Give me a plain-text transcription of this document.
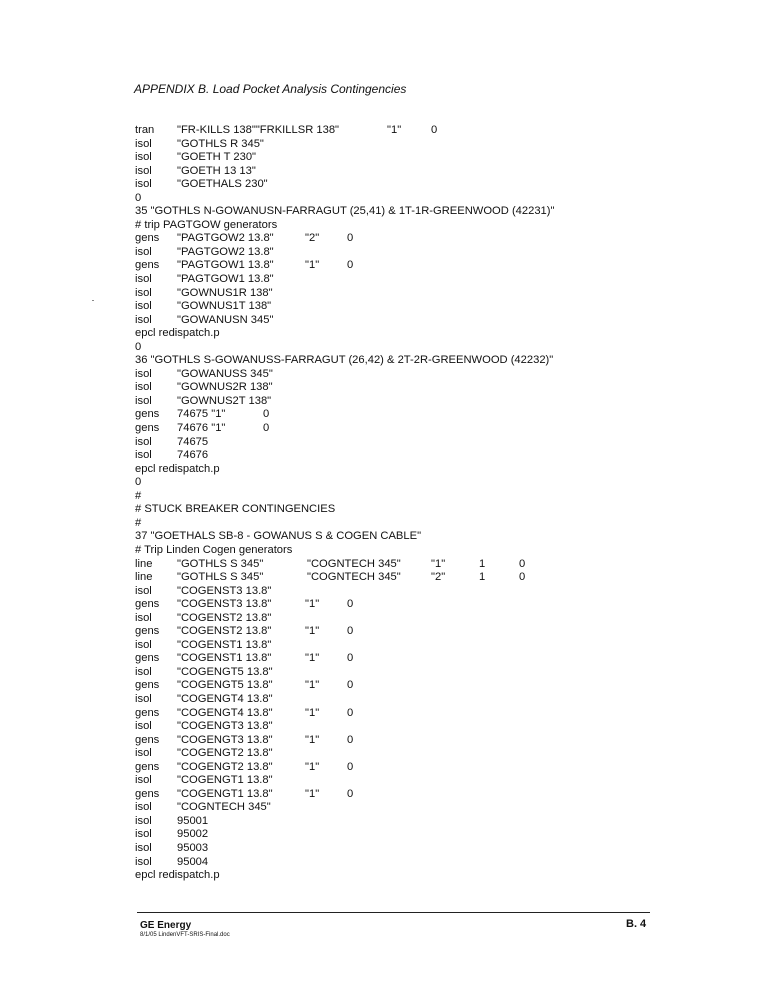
APPENDIX B. Load Pocket Analysis Contingencies
tran "FR-KILLS 138""FRKILLSR 138"	"1"	0
isol "GOTHLS R 345"
isol "GOETH T 230"
isol "GOETH 13 13"
isol "GOETHALS 230"
0
35 "GOTHLS N-GOWANUSN-FARRAGUT (25,41) & 1T-1R-GREENWOOD (42231)"
# trip PAGTGOW generators
gens "PAGTGOW2 13.8"	"2" 0
isol "PAGTGOW2 13.8"
gens "PAGTGOW1 13.8"	"1" 0
isol "PAGTGOW1 13.8"
isol "GOWNUS1R 138"
isol "GOWNUS1T 138"
isol "GOWANUSN 345"
epcl redispatch.p
0
36 "GOTHLS S-GOWANUSS-FARRAGUT (26,42) & 2T-2R-GREENWOOD (42232)"
isol "GOWANUSS 345"
isol "GOWNUS2R 138"
isol "GOWNUS2T 138"
gens 74675 "1"	0
gens 74676 "1"	0
isol 74675
isol 74676
epcl redispatch.p
0
#
# STUCK BREAKER CONTINGENCIES
#
37 "GOETHALS SB-8 - GOWANUS S & COGEN CABLE"
# Trip Linden Cogen generators
line "GOTHLS S 345"	"COGNTECH 345"	"1"	1	0
line "GOTHLS S 345"	"COGNTECH 345"	"2"	1	0
isol "COGENST3 13.8"
gens "COGENST3 13.8"	"1" 0
isol "COGENST2 13.8"
gens "COGENST2 13.8"	"1" 0
isol "COGENST1 13.8"
gens "COGENST1 13.8"	"1" 0
isol "COGENGT5 13.8"
gens "COGENGT5 13.8"	"1" 0
isol "COGENGT4 13.8"
gens "COGENGT4 13.8"	"1" 0
isol "COGENGT3 13.8"
gens "COGENGT3 13.8"	"1" 0
isol "COGENGT2 13.8"
gens "COGENGT2 13.8"	"1" 0
isol "COGENGT1 13.8"
gens "COGENGT1 13.8"	"1" 0
isol "COGNTECH 345"
isol 95001
isol 95002
isol 95003
isol 95004
epcl redispatch.p
GE Energy
8/1/05 LindenVFT-SRIS-Final.doc
B. 4
